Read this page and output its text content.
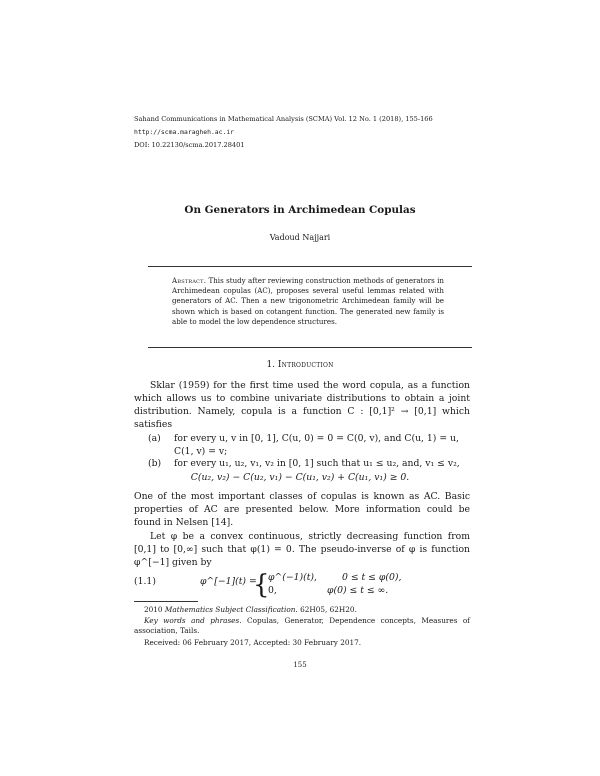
Sahand Communications in Mathematical Analysis (SCMA) Vol. 12 No. 1 (2018), 155-166
http://scma.maragheh.ac.ir
DOI: 10.22130/scma.2017.28401
On Generators in Archimedean Copulas
Vadoud Najjari
Abstract. This study after reviewing construction methods of generators in Archimedean copulas (AC), proposes several useful lemmas related with generators of AC. Then a new trigonometric Archimedean family will be shown which is based on cotangent function. The generated new family is able to model the low dependence structures.
1. Introduction
Sklar (1959) for the first time used the word copula, as a function which allows us to combine univariate distributions to obtain a joint distribution. Namely, copula is a function C : [0,1]² → [0,1] which satisfies
(a) for every u, v in [0, 1], C(u, 0) = 0 = C(0, v), and C(u, 1) = u, C(1, v) = v;
(b) for every u₁, u₂, v₁, v₂ in [0, 1] such that u₁ ≤ u₂, and, v₁ ≤ v₂,
C(u₂, v₂) − C(u₂, v₁) − C(u₁, v₂) + C(u₁, v₁) ≥ 0.
One of the most important classes of copulas is known as AC. Basic properties of AC are presented below. More information could be found in Nelsen [14].
Let φ be a convex continuous, strictly decreasing function from [0,1] to [0,∞] such that φ(1) = 0. The pseudo-inverse of φ is function φ^[−1] given by
(1.1)	φ^[−1](t) =
{
φ^(−1)(t),	0 ≤ t ≤ φ(0),
0,	φ(0) ≤ t ≤ ∞.
2010 Mathematics Subject Classification. 62H05, 62H20.
Key words and phrases. Copulas, Generator, Dependence concepts, Measures of association, Tails.
Received: 06 February 2017, Accepted: 30 February 2017.
155
